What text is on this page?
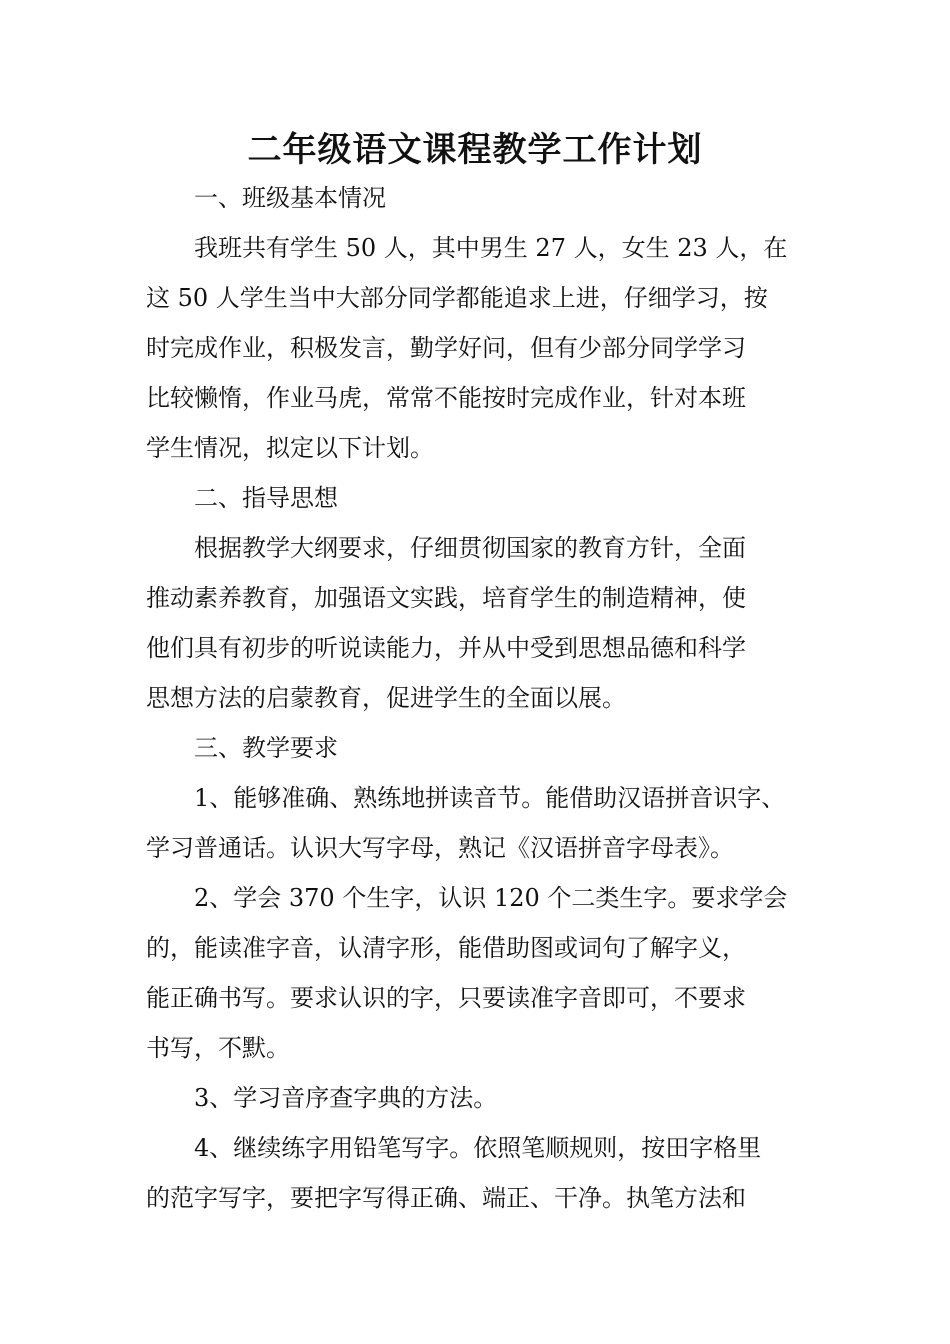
二年级语文课程教学工作计划

一、班级基本情况

我班共有学生 50 人，其中男生 27 人，女生 23 人，在

这 50 人学生当中大部分同学都能追求上进，仔细学习，按

时完成作业，积极发言，勤学好问，但有少部分同学学习

比较懒惰，作业马虎，常常不能按时完成作业，针对本班

学生情况，拟定以下计划。

二、指导思想

根据教学大纲要求，仔细贯彻国家的教育方针，全面

推动素养教育，加强语文实践，培育学生的制造精神，使

他们具有初步的听说读能力，并从中受到思想品德和科学

思想方法的启蒙教育，促进学生的全面以展。

三、教学要求

1、能够准确、熟练地拼读音节。能借助汉语拼音识字、

学习普通话。认识大写字母，熟记《汉语拼音字母表》。

2、学会 370 个生字，认识 120 个二类生字。要求学会

的，能读准字音，认清字形，能借助图或词句了解字义，

能正确书写。要求认识的字，只要读准字音即可，不要求

书写，不默。

3、学习音序查字典的方法。

4、继续练字用铅笔写字。依照笔顺规则，按田字格里

的范字写字，要把字写得正确、端正、干净。执笔方法和
